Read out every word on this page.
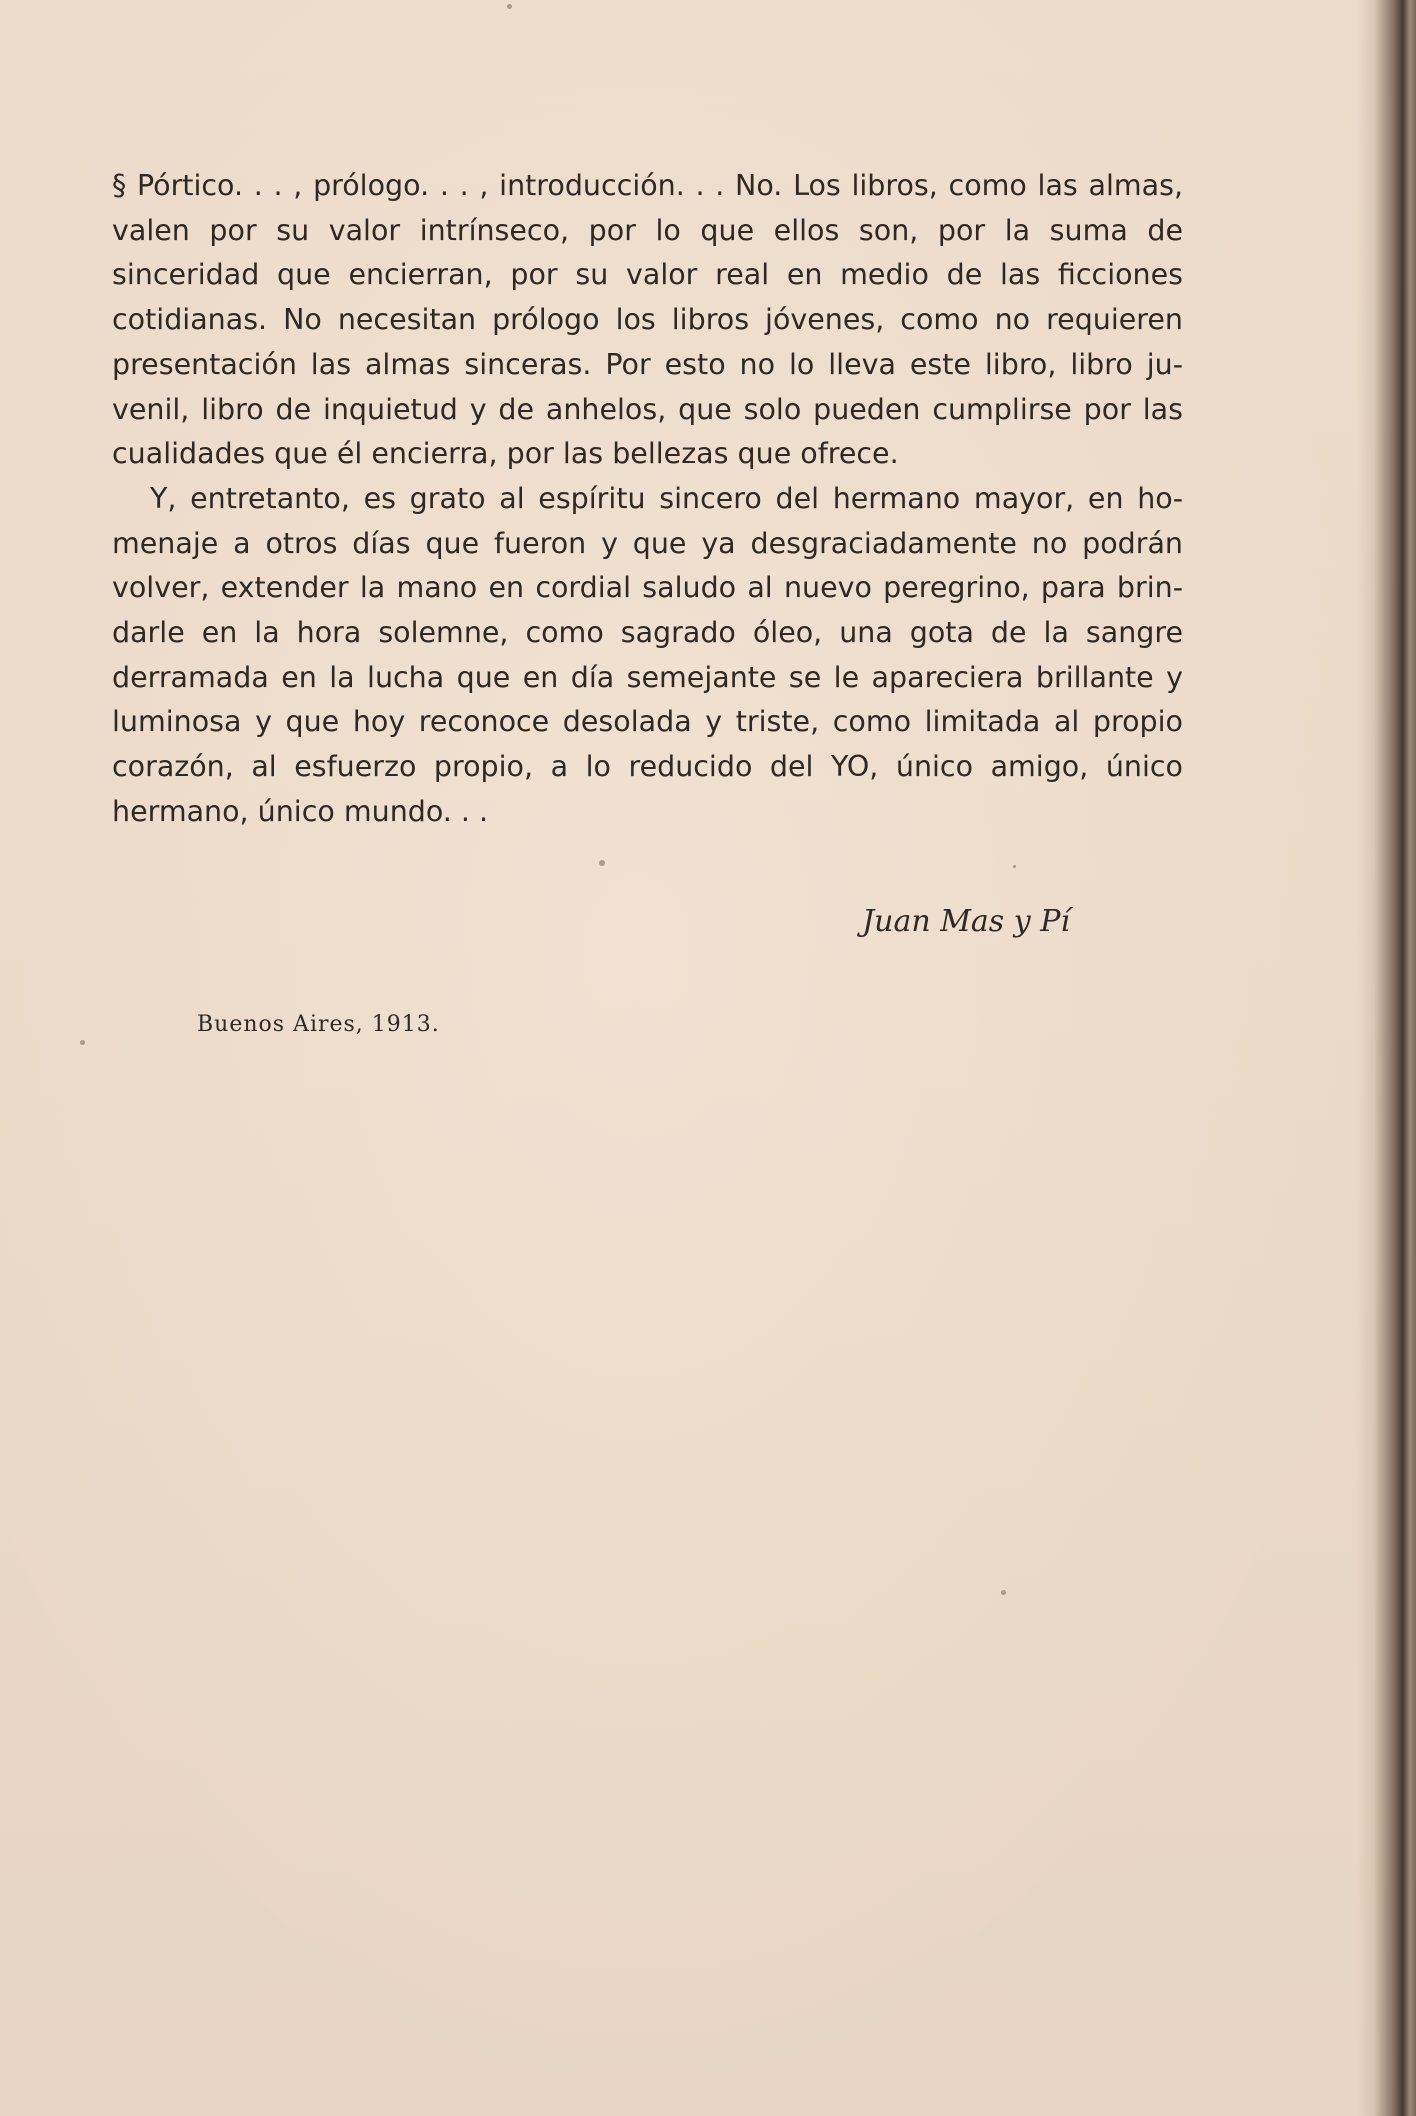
§ Pórtico. . . , prólogo. . . , introducción. . . No. Los libros, como las almas, valen por su valor intrínseco, por lo que ellos son, por la suma de sinceridad que encierran, por su valor real en medio de las ficciones cotidianas. No necesitan prólogo los libros jóvenes, como no requieren presentación las almas sinceras. Por esto no lo lleva este libro, libro juvenil, libro de inquietud y de anhelos, que solo pueden cumplirse por las cualidades que él encierra, por las bellezas que ofrece.

Y, entretanto, es grato al espíritu sincero del hermano mayor, en homenaje a otros días que fueron y que ya desgraciadamente no podrán volver, extender la mano en cordial saludo al nuevo peregrino, para brindarle en la hora solemne, como sagrado óleo, una gota de la sangre derramada en la lucha que en día semejante se le apareciera brillante y luminosa y que hoy reconoce desolada y triste, como limitada al propio corazón, al esfuerzo propio, a lo reducido del YO, único amigo, único hermano, único mundo. . .

Juan Mas y Pí
Buenos Aires, 1913.
